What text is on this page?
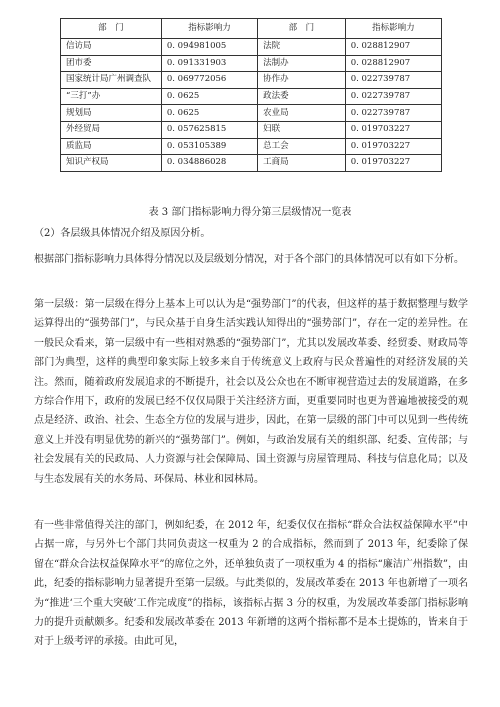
部　门	指标影响力	部　门	指标影响力
信访局	0. 094981005	法院	0. 028812907
团市委	0. 091331903	法制办	0. 028812907
国家统计局广州调查队	0. 069772056	协作办	0. 022739787
“三打”办	0. 0625	政法委	0. 022739787
规划局	0. 0625	农业局	0. 022739787
外经贸局	0. 057625815	妇联	0. 019703227
质监局	0. 053105389	总工会	0. 019703227
知识产权局	0. 034886028	工商局	0. 019703227
表 3 部门指标影响力得分第三层级情况一览表

（2）各层级具体情况介绍及原因分析。

根据部门指标影响力具体得分情况以及层级划分情况，对于各个部门的具体情况可以有如下分析。

第一层级：第一层级在得分上基本上可以认为是“强势部门”的代表，但这样的基于数据整理与数学运算得出的“强势部门”，与民众基于自身生活实践认知得出的“强势部门”，存在一定的差异性。在一般民众看来，第一层级中有一些相对熟悉的“强势部门”，尤其以发展改革委、经贸委、财政局等部门为典型，这样的典型印象实际上较多来自于传统意义上政府与民众普遍性的对经济发展的关注。然而，随着政府发展追求的不断提升，社会以及公众也在不断审视营造过去的发展道路，在多方综合作用下，政府的发展已经不仅仅局限于关注经济方面，更重要同时也更为普遍地被接受的观点是经济、政治、社会、生态全方位的发展与进步，因此，在第一层级的部门中可以见到一些传统意义上并没有明显优势的新兴的“强势部门”。例如，与政治发展有关的组织部、纪委、宣传部；与社会发展有关的民政局、人力资源与社会保障局、国土资源与房屋管理局、科技与信息化局；以及与生态发展有关的水务局、环保局、林业和园林局。

有一些非常值得关注的部门，例如纪委，在 2012 年，纪委仅仅在指标“群众合法权益保障水平”中占据一席，与另外七个部门共同负责这一权重为 2 的合成指标，然而到了 2013 年，纪委除了保留在“群众合法权益保障水平”的席位之外，还单独负责了一项权重为 4 的指标“廉洁广州指数”，由此，纪委的指标影响力显著提升至第一层级。与此类似的，发展改革委在 2013 年也新增了一项名为“推进‘三个重大突破’工作完成度”的指标，该指标占据 3 分的权重，为发展改革委部门指标影响力的提升贡献颇多。纪委和发展改革委在 2013 年新增的这两个指标都不是本土提炼的，皆来自于对于上级考评的承接。由此可见，
